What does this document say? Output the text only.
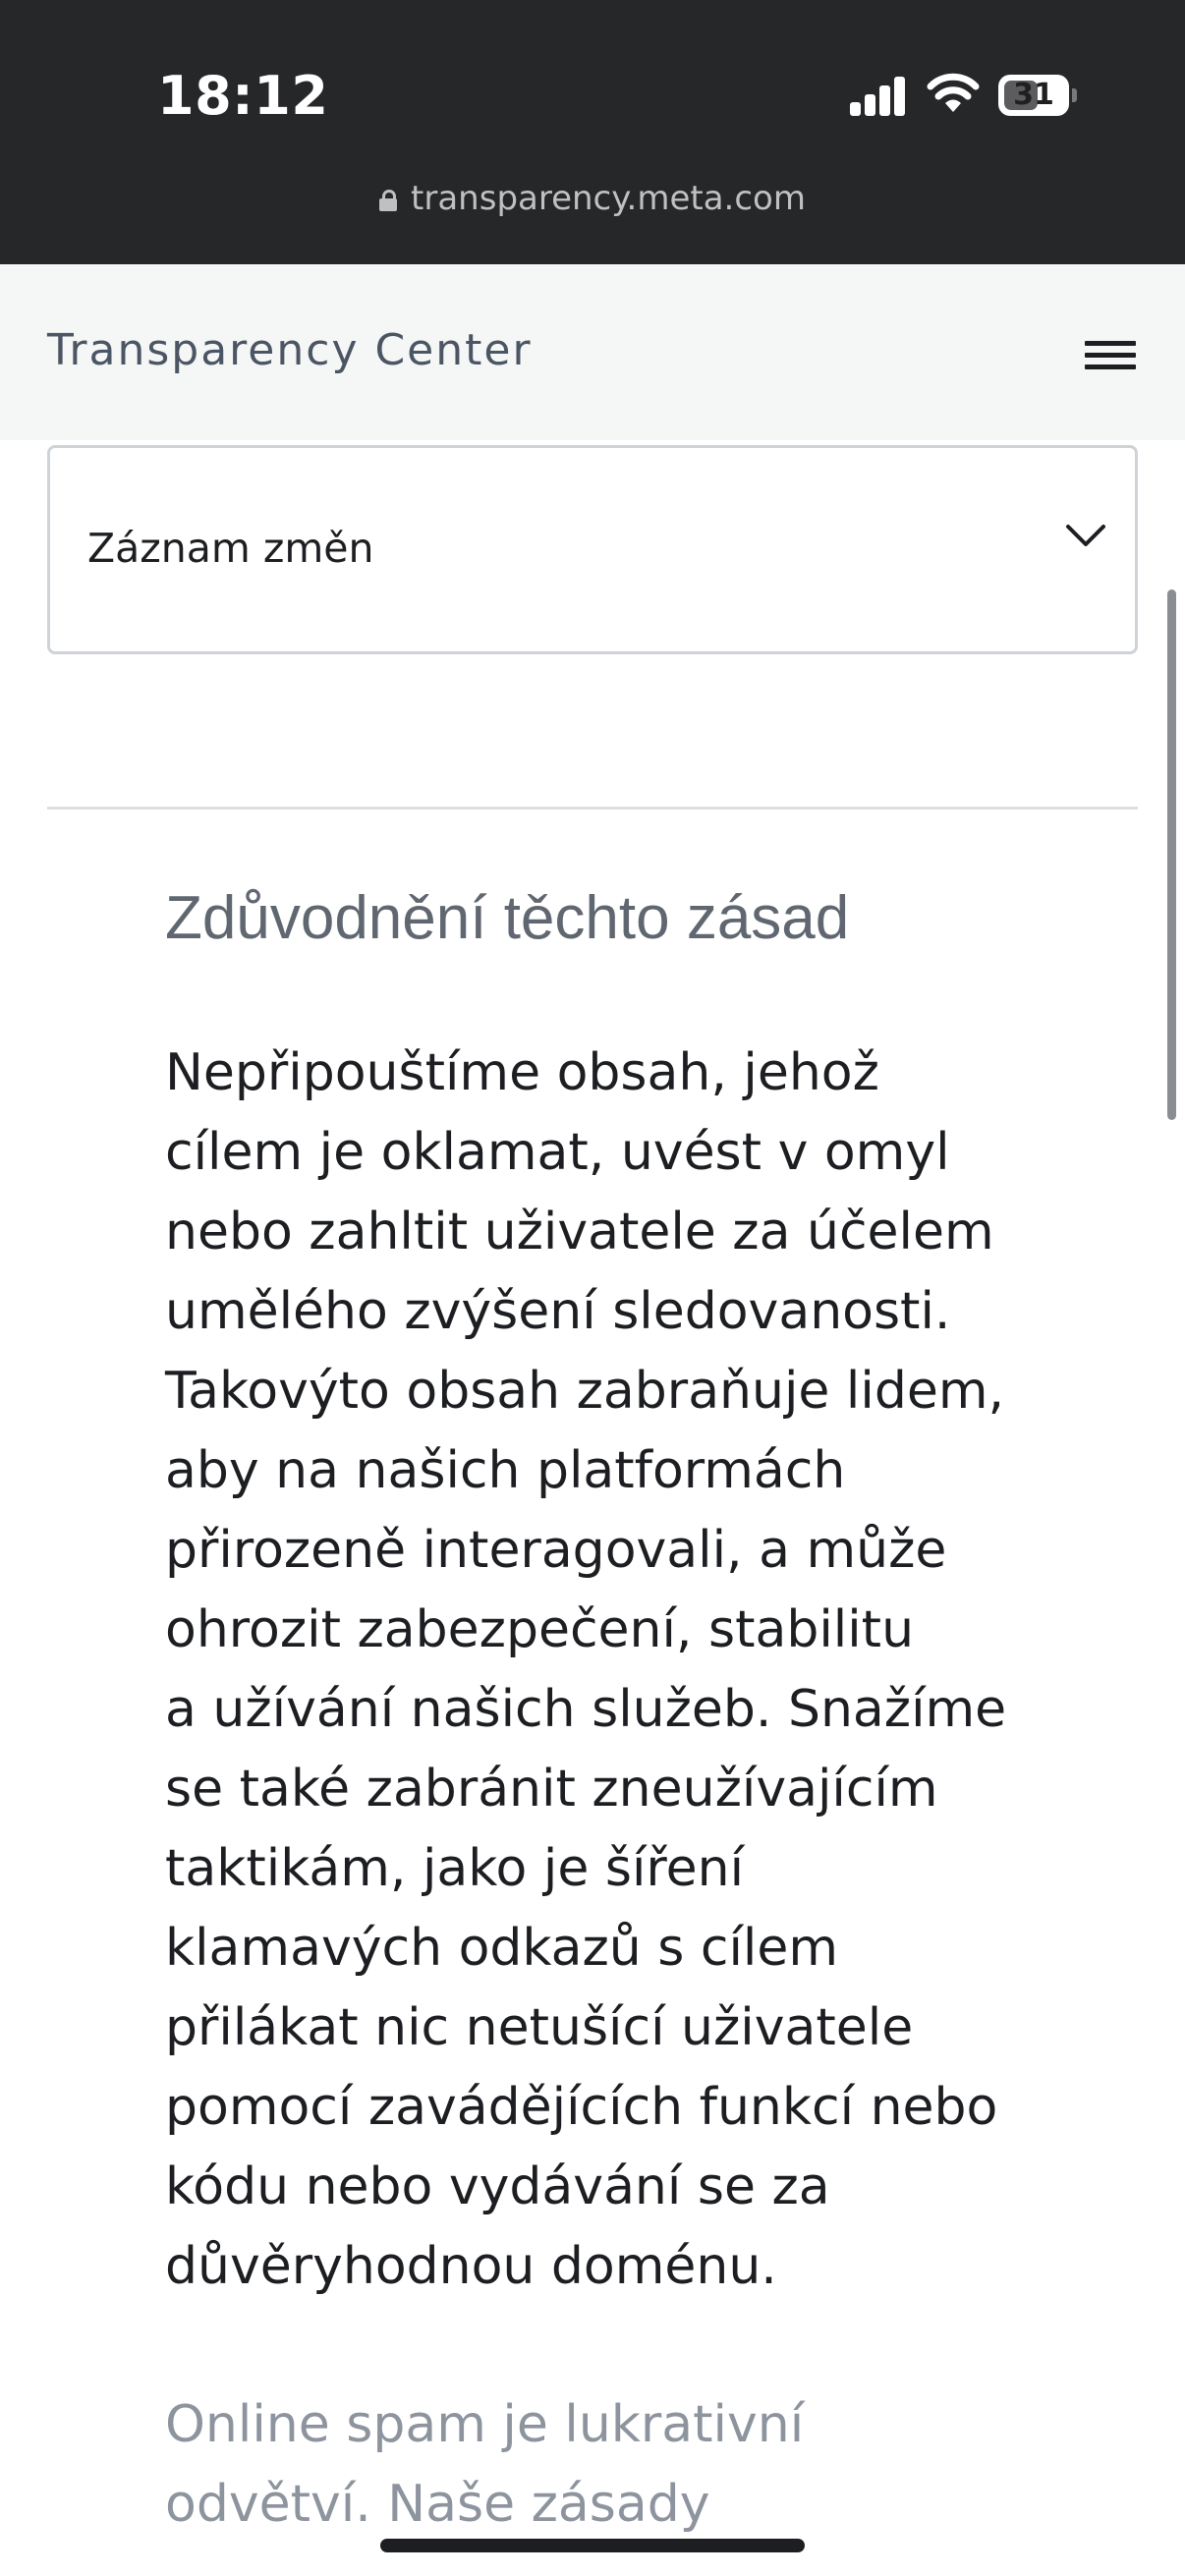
18:12	31
transparency.meta.com
Transparency Center
Záznam změn
Zdůvodnění těchto zásad
Nepřipouštíme obsah, jehož
cílem je oklamat, uvést v omyl
nebo zahltit uživatele za účelem
umělého zvýšení sledovanosti.
Takovýto obsah zabraňuje lidem,
aby na našich platformách
přirozeně interagovali, a může
ohrozit zabezpečení, stabilitu
a užívání našich služeb. Snažíme
se také zabránit zneužívajícím
taktikám, jako je šíření
klamavých odkazů s cílem
přilákat nic netušící uživatele
pomocí zavádějících funkcí nebo
kódu nebo vydávání se za
důvěryhodnou doménu.
Online spam je lukrativní
odvětví. Naše zásady
